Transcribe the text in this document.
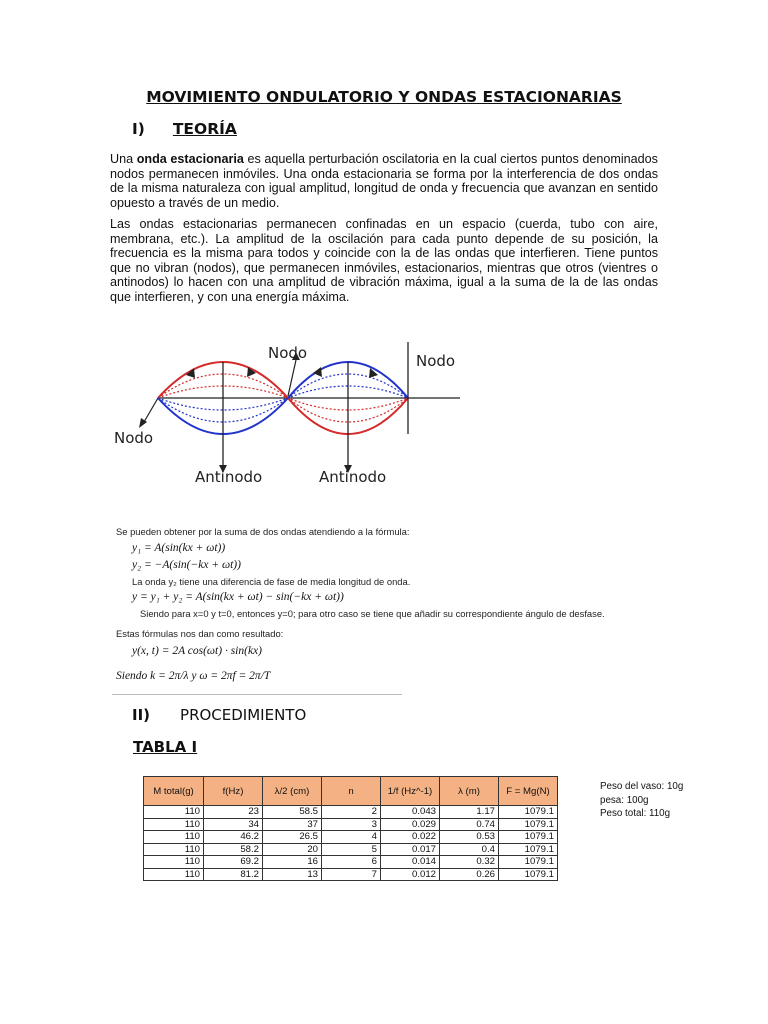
MOVIMIENTO ONDULATORIO Y ONDAS ESTACIONARIAS
I) TEORÍA
Una onda estacionaria es aquella perturbación oscilatoria en la cual ciertos puntos denominados nodos permanecen inmóviles. Una onda estacionaria se forma por la interferencia de dos ondas de la misma naturaleza con igual amplitud, longitud de onda y frecuencia que avanzan en sentido opuesto a través de un medio.
Las ondas estacionarias permanecen confinadas en un espacio (cuerda, tubo con aire, membrana, etc.). La amplitud de la oscilación para cada punto depende de su posición, la frecuencia es la misma para todos y coincide con la de las ondas que interfieren. Tiene puntos que no vibran (nodos), que permanecen inmóviles, estacionarios, mientras que otros (vientres o antinodos) lo hacen con una amplitud de vibración máxima, igual a la suma de la de las ondas que interfieren, y con una energía máxima.
Nodo	Nodo
Nodo
Antinodo	Antinodo
Se pueden obtener por la suma de dos ondas atendiendo a la fórmula:
y₁ = A(sin(kx + ωt))
y₂ = −A(sin(−kx + ωt))
La onda y₂ tiene una diferencia de fase de media longitud de onda.
y = y₁ + y₂ = A(sin(kx + ωt) − sin(−kx + ωt))
Siendo para x=0 y t=0, entonces y=0; para otro caso se tiene que añadir su correspondiente ángulo de desfase.
Estas fórmulas nos dan como resultado:
y(x, t) = 2A cos(ωt) · sin(kx)
Siendo k = 2π/λ y ω = 2πf = 2π/T
II) PROCEDIMIENTO
TABLA I
M total(g)	f(Hz)	λ/2 (cm)	n	1/f (Hz^-1)	λ (m)	F = Mg(N)
110	23	58.5	2	0.043	1.17	1079.1
110	34	37	3	0.029	0.74	1079.1
110	46.2	26.5	4	0.022	0.53	1079.1
110	58.2	20	5	0.017	0.4	1079.1
110	69.2	16	6	0.014	0.32	1079.1
110	81.2	13	7	0.012	0.26	1079.1
Peso del vaso: 10g
pesa: 100g
Peso total: 110g
